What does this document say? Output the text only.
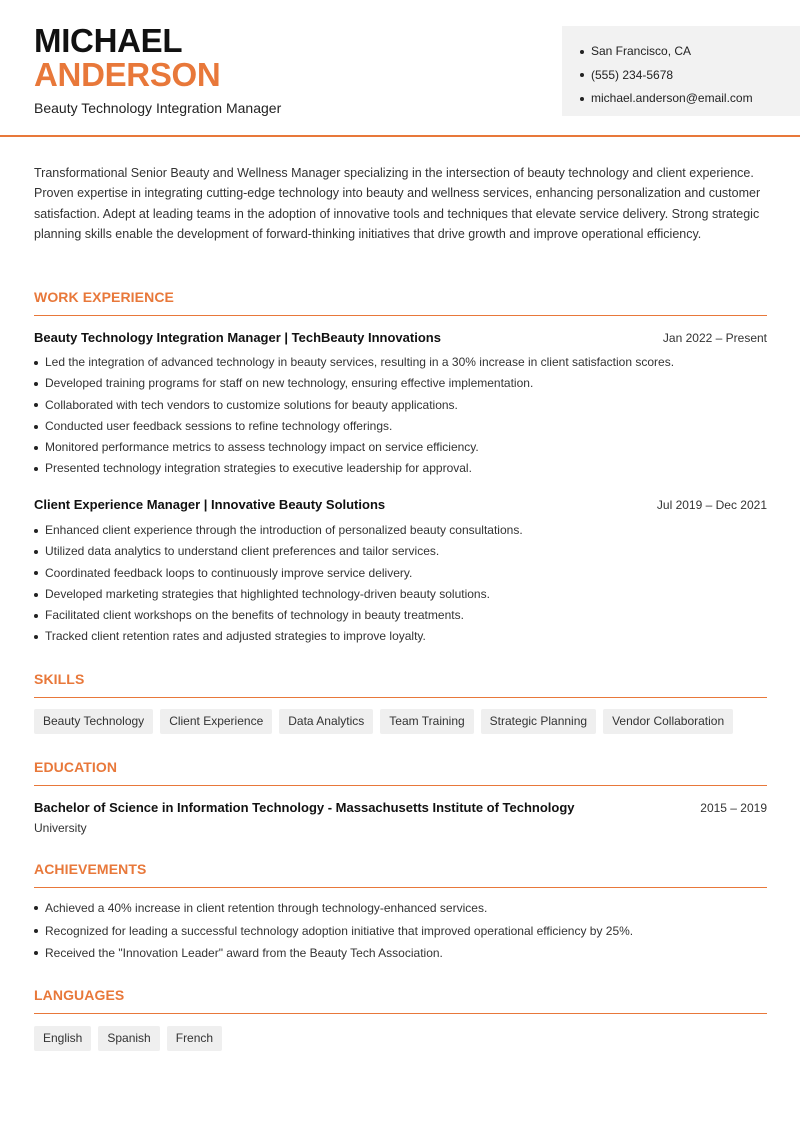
MICHAEL
ANDERSON
Beauty Technology Integration Manager
San Francisco, CA
(555) 234-5678
michael.anderson@email.com

Transformational Senior Beauty and Wellness Manager specializing in the intersection of beauty technology and client experience. Proven expertise in integrating cutting-edge technology into beauty and wellness services, enhancing personalization and customer satisfaction. Adept at leading teams in the adoption of innovative tools and techniques that elevate service delivery. Strong strategic planning skills enable the development of forward-thinking initiatives that drive growth and improve operational efficiency.

WORK EXPERIENCE
Beauty Technology Integration Manager | TechBeauty Innovations	Jan 2022 – Present
Led the integration of advanced technology in beauty services, resulting in a 30% increase in client satisfaction scores.
Developed training programs for staff on new technology, ensuring effective implementation.
Collaborated with tech vendors to customize solutions for beauty applications.
Conducted user feedback sessions to refine technology offerings.
Monitored performance metrics to assess technology impact on service efficiency.
Presented technology integration strategies to executive leadership for approval.
Client Experience Manager | Innovative Beauty Solutions	Jul 2019 – Dec 2021
Enhanced client experience through the introduction of personalized beauty consultations.
Utilized data analytics to understand client preferences and tailor services.
Coordinated feedback loops to continuously improve service delivery.
Developed marketing strategies that highlighted technology-driven beauty solutions.
Facilitated client workshops on the benefits of technology in beauty treatments.
Tracked client retention rates and adjusted strategies to improve loyalty.
SKILLS
Beauty Technology	Client Experience	Data Analytics	Team Training	Strategic Planning	Vendor Collaboration
EDUCATION
Bachelor of Science in Information Technology - Massachusetts Institute of Technology	2015 – 2019
University
ACHIEVEMENTS
Achieved a 40% increase in client retention through technology-enhanced services.
Recognized for leading a successful technology adoption initiative that improved operational efficiency by 25%.
Received the "Innovation Leader" award from the Beauty Tech Association.
LANGUAGES
English	Spanish	French
